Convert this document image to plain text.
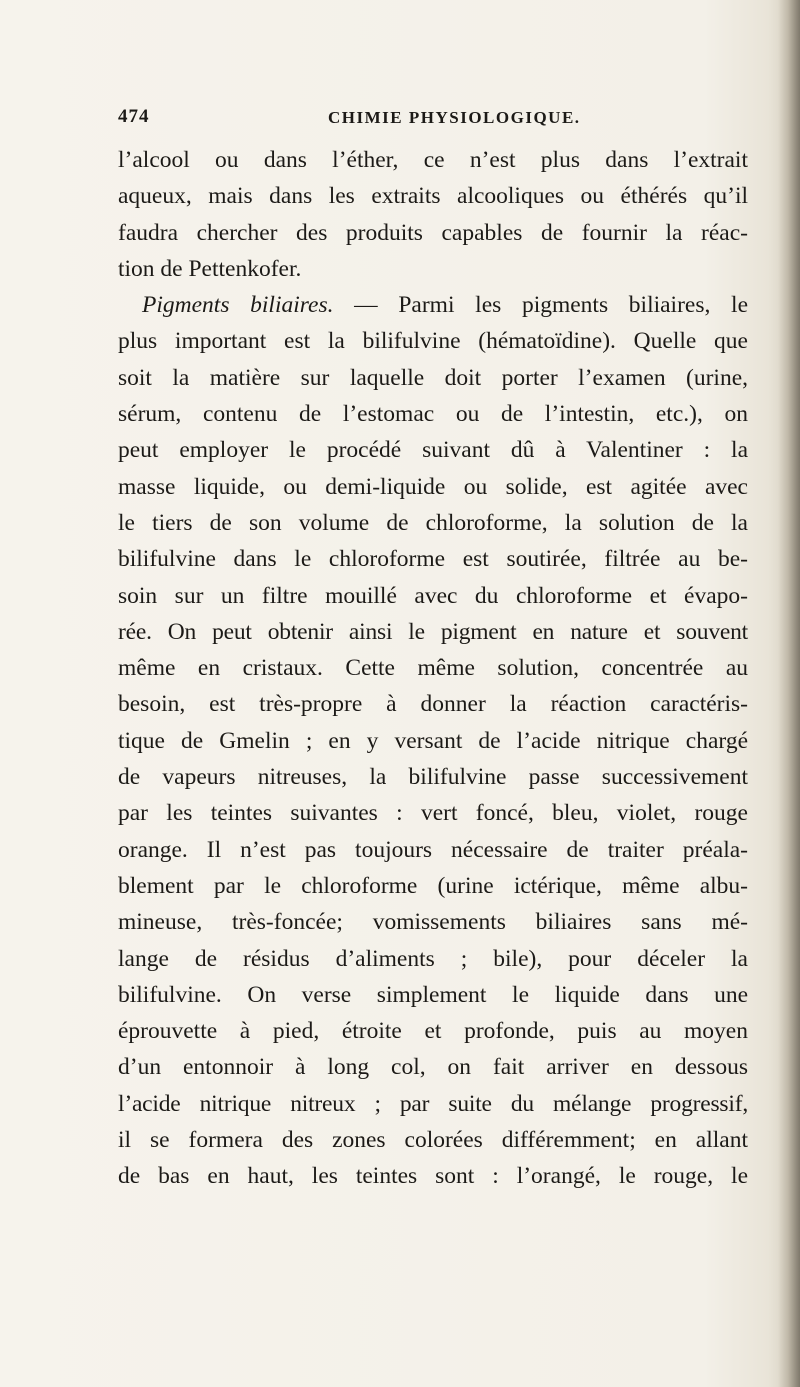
474	CHIMIE PHYSIOLOGIQUE.
l’alcool ou dans l’éther, ce n’est plus dans l’extrait
aqueux, mais dans les extraits alcooliques ou éthérés qu’il
faudra chercher des produits capables de fournir la réac-
tion de Pettenkofer.
Pigments biliaires. — Parmi les pigments biliaires, le
plus important est la bilifulvine (hématoïdine). Quelle que
soit la matière sur laquelle doit porter l’examen (urine,
sérum, contenu de l’estomac ou de l’intestin, etc.), on
peut employer le procédé suivant dû à Valentiner : la
masse liquide, ou demi-liquide ou solide, est agitée avec
le tiers de son volume de chloroforme, la solution de la
bilifulvine dans le chloroforme est soutirée, filtrée au be-
soin sur un filtre mouillé avec du chloroforme et évapo-
rée. On peut obtenir ainsi le pigment en nature et souvent
même en cristaux. Cette même solution, concentrée au
besoin, est très-propre à donner la réaction caractéris-
tique de Gmelin ; en y versant de l’acide nitrique chargé
de vapeurs nitreuses, la bilifulvine passe successivement
par les teintes suivantes : vert foncé, bleu, violet, rouge
orange. Il n’est pas toujours nécessaire de traiter préala-
blement par le chloroforme (urine ictérique, même albu-
mineuse, très-foncée; vomissements biliaires sans mé-
lange de résidus d’aliments ; bile), pour déceler la
bilifulvine. On verse simplement le liquide dans une
éprouvette à pied, étroite et profonde, puis au moyen
d’un entonnoir à long col, on fait arriver en dessous
l’acide nitrique nitreux ; par suite du mélange progressif,
il se formera des zones colorées différemment; en allant
de bas en haut, les teintes sont : l’orangé, le rouge, le
